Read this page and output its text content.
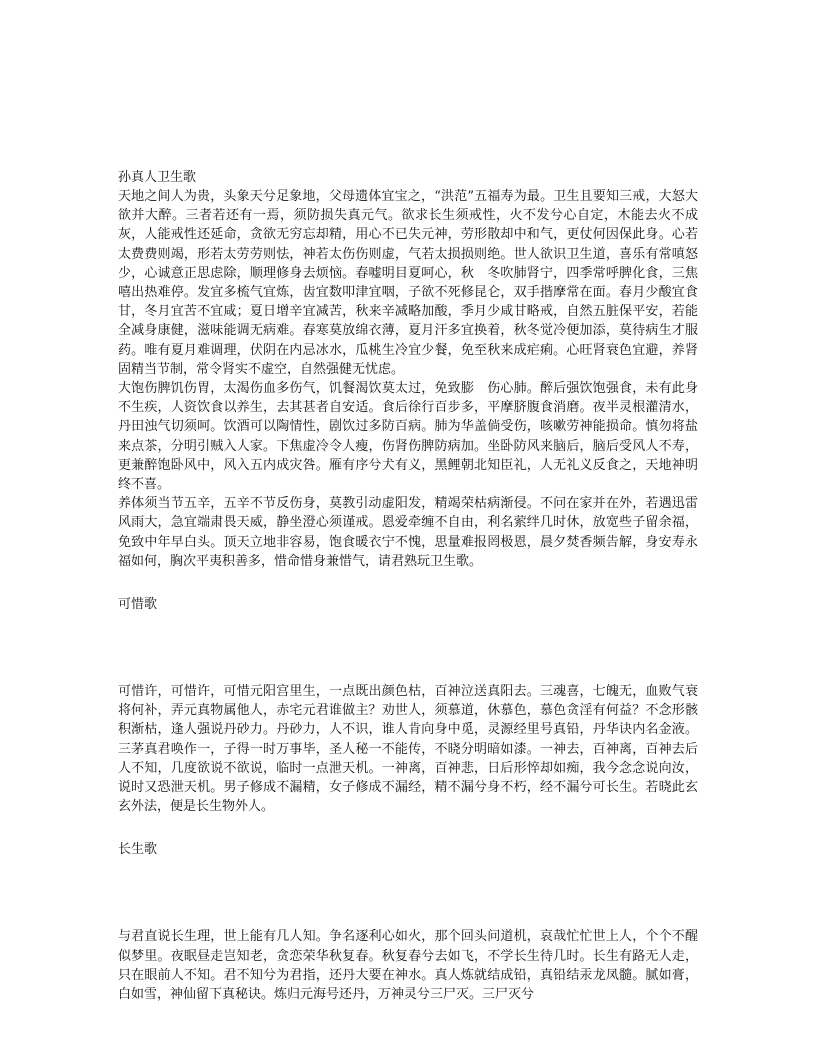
孙真人卫生歌

天地之间人为贵，头象天兮足象地，父母遗体宜宝之，“洪范”五福寿为最。卫生且要知三戒，大怒大欲并大醉。三者若还有一焉，须防损失真元气。欲求长生须戒性，火不发兮心自定，木能去火不成灰，人能戒性还延命，贪欲无穷忘却精，用心不已失元神，劳形散却中和气，更仗何因保此身。心若太费费则竭，形若太劳劳则怯，神若太伤伤则虚，气若太损损则绝。世人欲识卫生道，喜乐有常嗔怒少，心诚意正思虑除，顺理修身去烦恼。春嘘明目夏呵心，秋　冬吹肺肾宁，四季常呼脾化食，三焦嘻出热难停。发宜多梳气宜炼，齿宜数叩津宜咽，子欲不死修昆仑，双手揩摩常在面。春月少酸宜食甘，冬月宜苦不宜咸；夏日增辛宜减苦，秋来辛减略加酸，季月少咸甘略戒，自然五脏保平安，若能全减身康健，滋味能调无病难。春寒莫放绵衣薄，夏月汗多宜换着，秋冬觉冷便加添，莫待病生才服药。唯有夏月难调理，伏阴在内忌冰水，瓜桃生冷宜少餐，免至秋来成疟痢。心旺肾衰色宜避，养肾固精当节制，常令肾实不虚空，自然强健无忧虑。

大饱伤脾饥伤胃，太渴伤血多伤气，饥餐渴饮莫太过，免致膨　伤心肺。醉后强饮饱强食，未有此身不生疾，人资饮食以养生，去其甚者自安适。食后徐行百步多，平摩脐腹食消磨。夜半灵根灌清水，丹田浊气切须呵。饮酒可以陶情性，剧饮过多防百病。肺为华盖倘受伤，咳嗽劳神能损命。慎勿将盐来点茶，分明引贼入人家。下焦虚冷令人瘦，伤肾伤脾防病加。坐卧防风来脑后，脑后受风人不寿，更兼醉饱卧风中，风入五内成灾咎。雁有序兮犬有义，黑鲤朝北知臣礼，人无礼义反食之，天地神明终不喜。

养体须当节五辛，五辛不节反伤身，莫教引动虚阳发，精竭荣枯病渐侵。不问在家并在外，若遇迅雷风雨大，急宜端肃畏天威，静坐澄心须谨戒。恩爱牵缠不自由，利名萦绊几时休，放宽些子留余福，免致中年早白头。顶天立地非容易，饱食暖衣宁不愧，思量难报罔极恩，晨夕焚香频告解，身安寿永福如何，胸次平夷积善多，惜命惜身兼惜气，请君熟玩卫生歌。

可惜歌

可惜许，可惜许，可惜元阳宫里生，一点既出颜色枯，百神泣送真阳去。三魂喜，七魄无，血败气衰将何补，弄元真物属他人，赤宅元君谁做主？劝世人，须慕道，休慕色，慕色贪淫有何益？不念形骸积渐枯，逢人强说丹砂力。丹砂力，人不识，谁人肯向身中觅，灵源经里号真铅，丹华诀内名金液。三茅真君唤作一，子得一时万事毕，圣人秘一不能传，不晓分明暗如漆。一神去，百神离，百神去后人不知，几度欲说不欲说，临时一点泄天机。一神离，百神悲，日后形悴却如痴，我今念念说向汝，说时又恐泄天机。男子修成不漏精，女子修成不漏经，精不漏兮身不朽，经不漏兮可长生。若晓此玄玄外法，便是长生物外人。

长生歌

与君直说长生理，世上能有几人知。争名逐利心如火，那个回头问道机，哀哉忙忙世上人，个个不醒似梦里。夜眠昼走岂知老，贪恋荣华秋复春。秋复春兮去如飞，不学长生待几时。长生有路无人走，只在眼前人不知。君不知兮为君指，还丹大要在神水。真人炼就结成铅，真铅结汞龙凤髓。腻如膏，白如雪，神仙留下真秘诀。炼归元海号还丹，万神灵兮三尸灭。三尸灭兮
